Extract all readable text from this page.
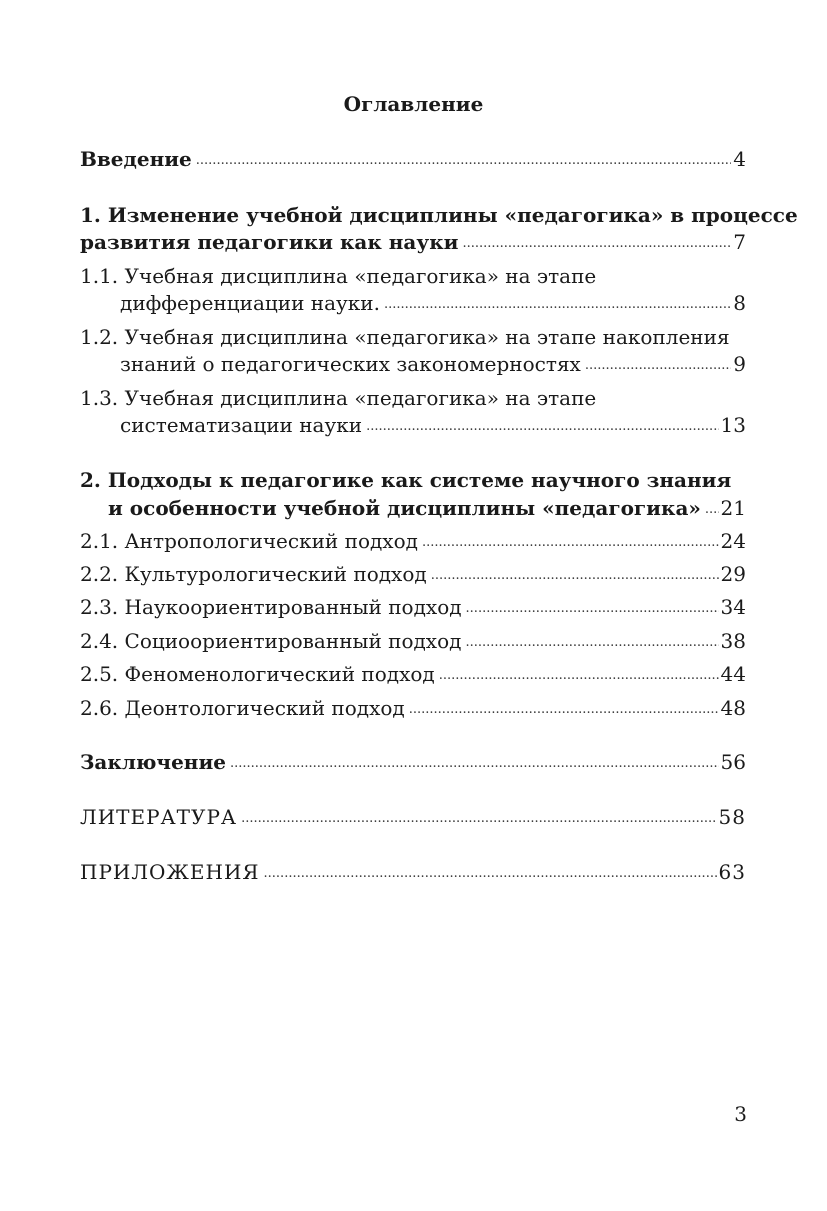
Оглавление
Введение .....	4
1. Изменение учебной дисциплины «педагогика» в процессе
развития педагогики как науки .....	7
1.1. Учебная дисциплина «педагогика» на этапе
дифференциации науки. .....	8
1.2. Учебная дисциплина «педагогика» на этапе накопления
знаний о педагогических закономерностях .....	9
1.3. Учебная дисциплина «педагогика» на этапе
систематизации науки .....	13
2. Подходы к педагогике как системе научного знания
и особенности учебной дисциплины «педагогика» ..... 21
2.1. Антропологический подход .....	24
2.2. Культурологический подход .....	29
2.3. Наукоориентированный подход .....	34
2.4. Социоориентированный подход .....	38
2.5. Феноменологический подход .....	44
2.6. Деонтологический подход .....	48
Заключение .....	56
ЛИТЕРАТУРА .....	58
ПРИЛОЖЕНИЯ .....	63
3
